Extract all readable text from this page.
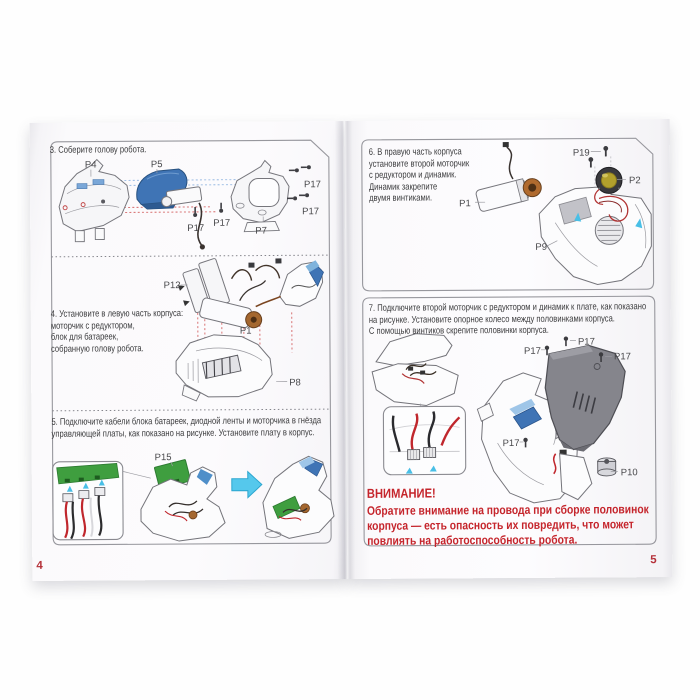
P4	P5
P17 P17
P17
P17
P7
P12
P1
P8
P15
P1
P19
P2
P9
P17
P17
P17
P17
P10
3. Соберите голову робота.
4. Установите в левую часть корпуса:
моторчик с редуктором,
блок для батареек,
собранную голову робота.
5. Подключите кабели блока батареек, диодной ленты и моторчика в гнёзда
управляющей платы, как показано на рисунке. Установите плату в корпус.
6. В правую часть корпуса
установите второй моторчик
с редуктором и динамик.
Динамик закрепите
двумя винтиками.
7. Подключите второй моторчик с редуктором и динамик к плате, как показано
на рисунке. Установите опорное колесо между половинками корпуса.
С помощью винтиков скрепите половинки корпуса.
ВНИМАНИЕ!
Обратите внимание на провода при сборке половинок
корпуса — есть опасность их повредить, что может
повлиять на работоспособность робота.
4	5
